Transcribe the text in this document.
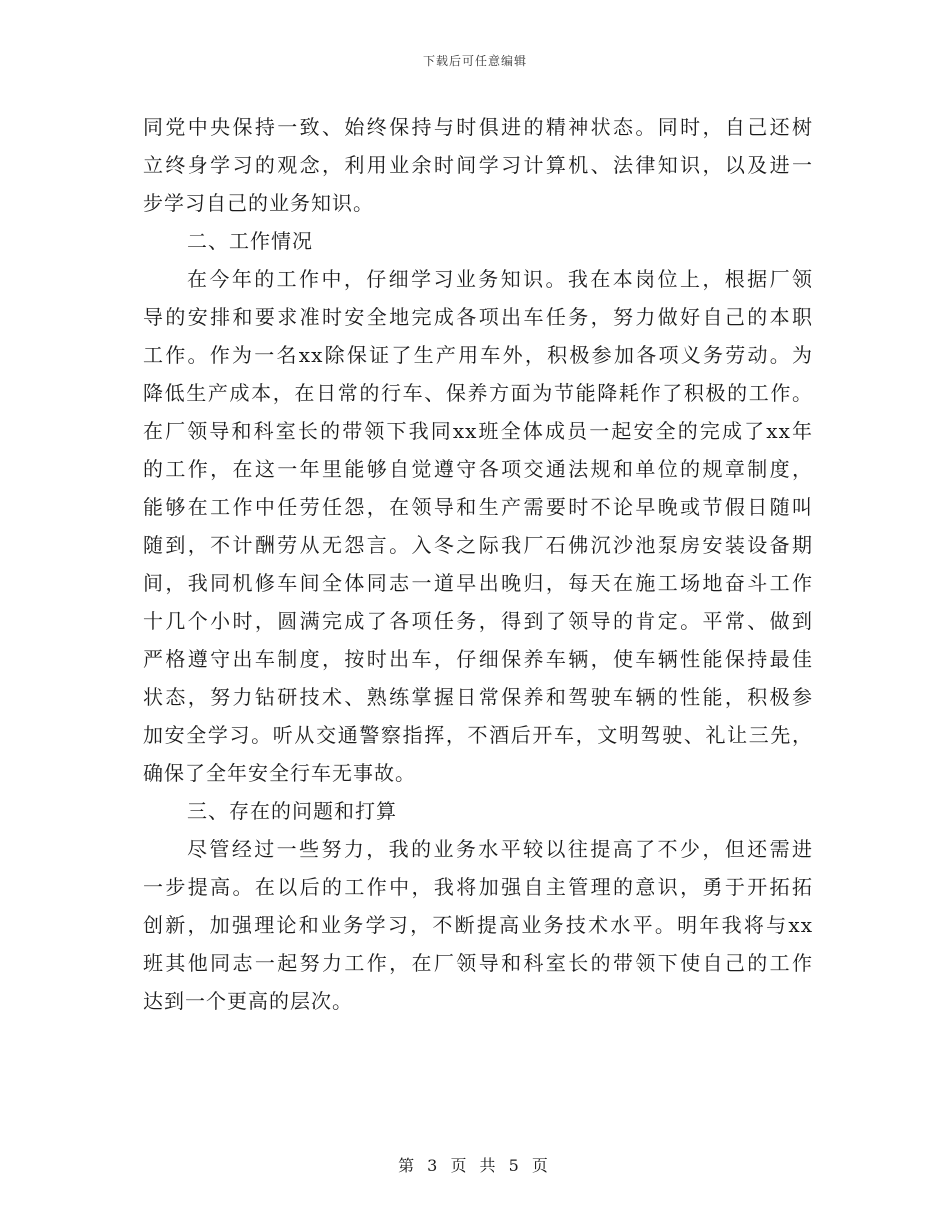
下载后可任意编辑
同党中央保持一致、始终保持与时俱进的精神状态。同时，自己还树
立终身学习的观念，利用业余时间学习计算机、法律知识，以及进一
步学习自己的业务知识。
二、工作情况
在今年的工作中，仔细学习业务知识。我在本岗位上，根据厂领
导的安排和要求准时安全地完成各项出车任务，努力做好自己的本职
工作。作为一名xx除保证了生产用车外，积极参加各项义务劳动。为
降低生产成本，在日常的行车、保养方面为节能降耗作了积极的工作。
在厂领导和科室长的带领下我同xx班全体成员一起安全的完成了xx年
的工作，在这一年里能够自觉遵守各项交通法规和单位的规章制度，
能够在工作中任劳任怨，在领导和生产需要时不论早晚或节假日随叫
随到，不计酬劳从无怨言。入冬之际我厂石佛沉沙池泵房安装设备期
间，我同机修车间全体同志一道早出晚归，每天在施工场地奋斗工作
十几个小时，圆满完成了各项任务，得到了领导的肯定。平常、做到
严格遵守出车制度，按时出车，仔细保养车辆，使车辆性能保持最佳
状态，努力钻研技术、熟练掌握日常保养和驾驶车辆的性能，积极参
加安全学习。听从交通警察指挥，不酒后开车，文明驾驶、礼让三先，
确保了全年安全行车无事故。
三、存在的问题和打算
尽管经过一些努力，我的业务水平较以往提高了不少，但还需进
一步提高。在以后的工作中，我将加强自主管理的意识，勇于开拓拓
创新，加强理论和业务学习，不断提高业务技术水平。明年我将与xx
班其他同志一起努力工作，在厂领导和科室长的带领下使自己的工作
达到一个更高的层次。
第 3 页 共 5 页
